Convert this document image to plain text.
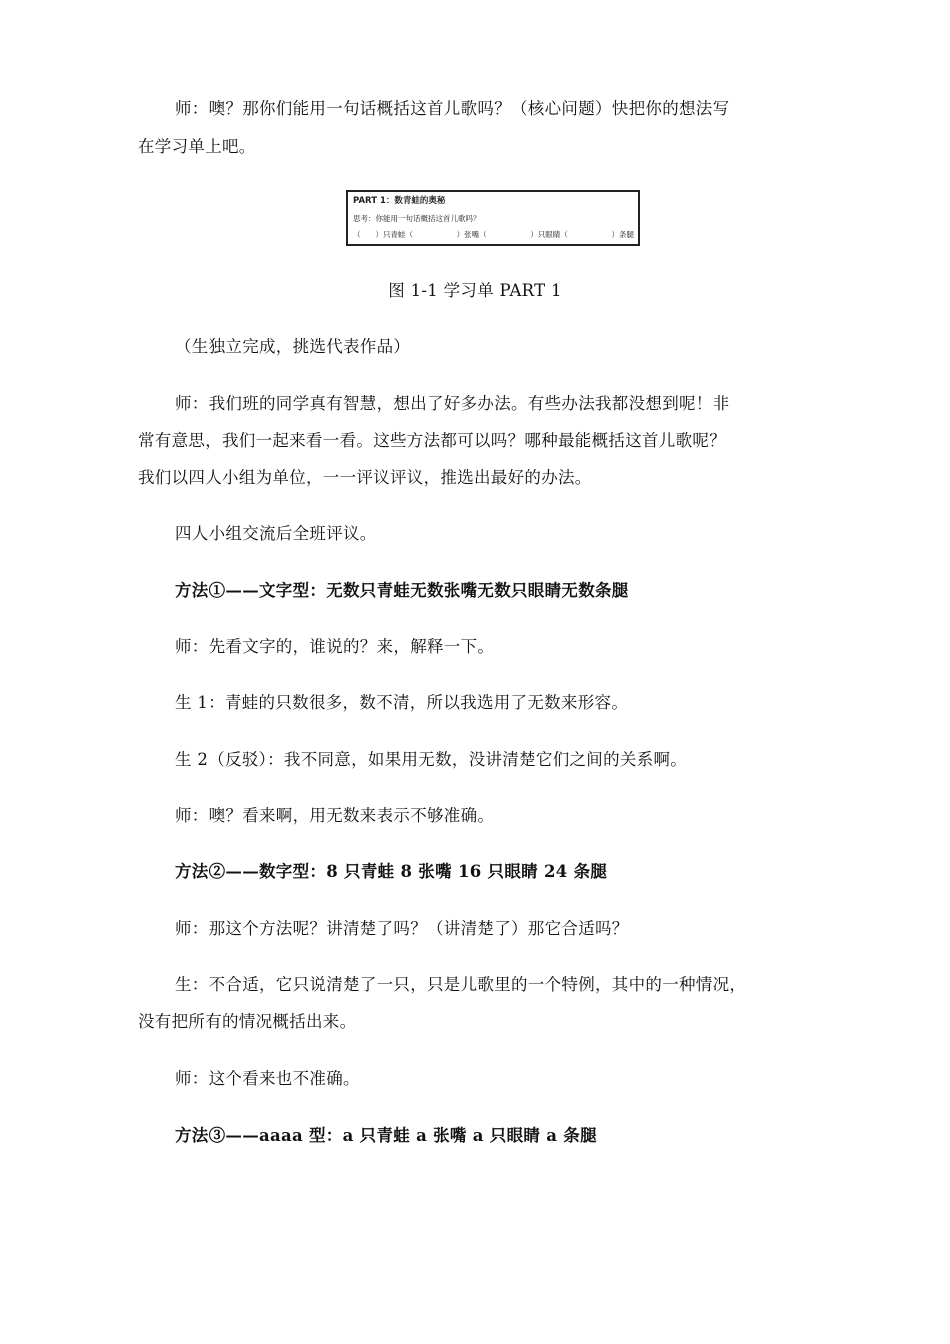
师：噢？那你们能用一句话概括这首儿歌吗？（核心问题）快把你的想法写
在学习单上吧。
PART 1：数青蛙的奥秘
思考：你能用一句话概括这首儿歌吗？
（　　）只青蛙（	）张嘴（	）只眼睛（	）条腿
图 1-1 学习单 PART 1
（生独立完成，挑选代表作品）
师：我们班的同学真有智慧，想出了好多办法。有些办法我都没想到呢！非
常有意思，我们一起来看一看。这些方法都可以吗？哪种最能概括这首儿歌呢？
我们以四人小组为单位，一一评议评议，推选出最好的办法。
四人小组交流后全班评议。
方法①——文字型：无数只青蛙无数张嘴无数只眼睛无数条腿
师：先看文字的，谁说的？来，解释一下。
生 1：青蛙的只数很多，数不清，所以我选用了无数来形容。
生 2（反驳）：我不同意，如果用无数，没讲清楚它们之间的关系啊。
师：噢？看来啊，用无数来表示不够准确。
方法②——数字型：8 只青蛙 8 张嘴 16 只眼睛 24 条腿
师：那这个方法呢？讲清楚了吗？（讲清楚了）那它合适吗？
生：不合适，它只说清楚了一只，只是儿歌里的一个特例，其中的一种情况，
没有把所有的情况概括出来。
师：这个看来也不准确。
方法③——aaaa 型：a 只青蛙 a 张嘴 a 只眼睛 a 条腿
